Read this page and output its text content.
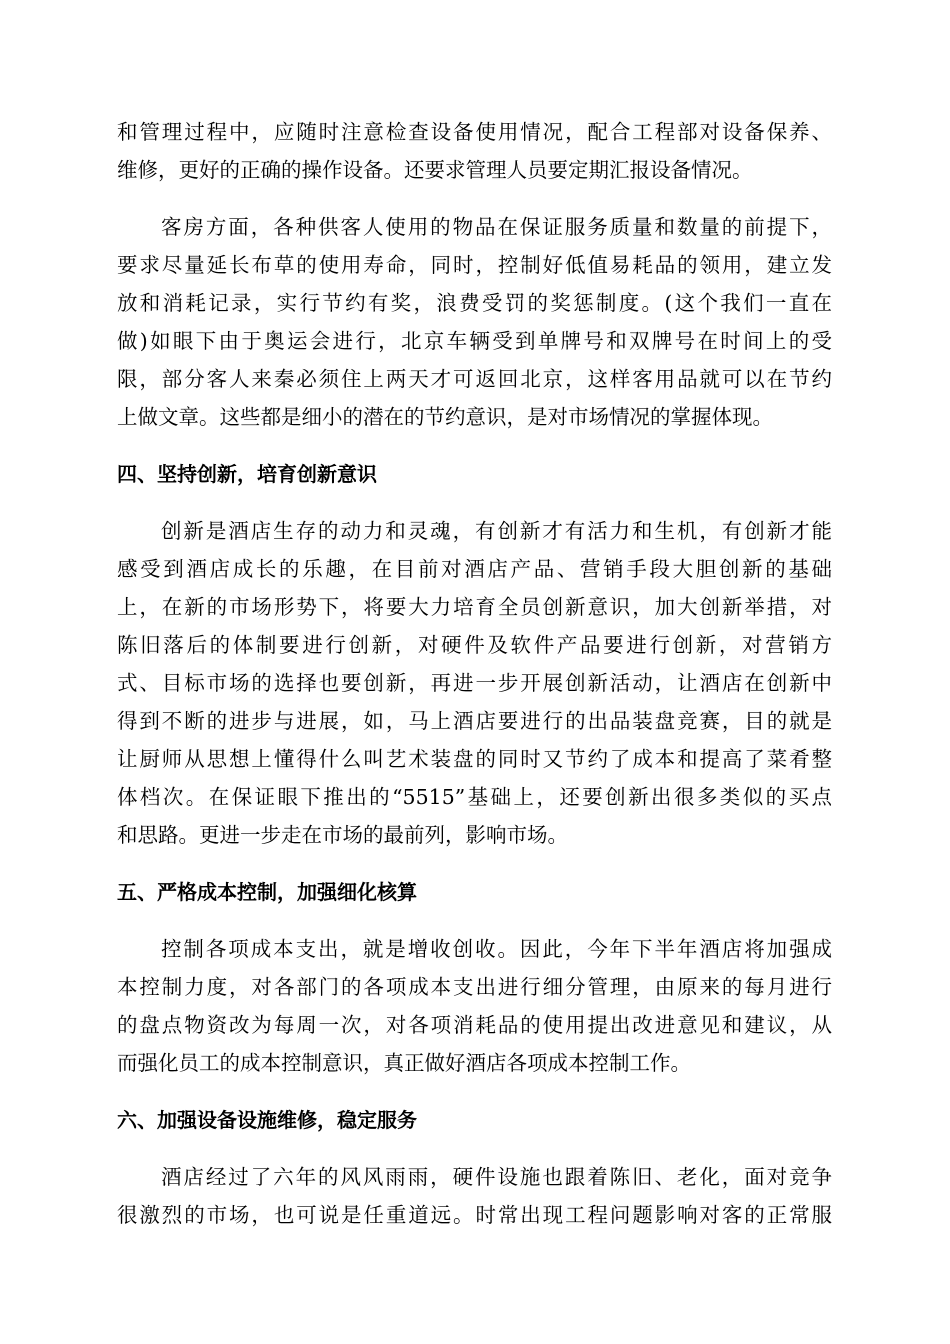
和管理过程中，应随时注意检查设备使用情况，配合工程部对设备保养、
维修，更好的正确的操作设备。还要求管理人员要定期汇报设备情况。
客房方面，各种供客人使用的物品在保证服务质量和数量的前提下，
要求尽量延长布草的使用寿命，同时，控制好低值易耗品的领用，建立发
放和消耗记录，实行节约有奖，浪费受罚的奖惩制度。(这个我们一直在
做)如眼下由于奥运会进行，北京车辆受到单牌号和双牌号在时间上的受
限，部分客人来秦必须住上两天才可返回北京，这样客用品就可以在节约
上做文章。这些都是细小的潜在的节约意识，是对市场情况的掌握体现。
四、坚持创新，培育创新意识
创新是酒店生存的动力和灵魂，有创新才有活力和生机，有创新才能
感受到酒店成长的乐趣，在目前对酒店产品、营销手段大胆创新的基础
上，在新的市场形势下，将要大力培育全员创新意识，加大创新举措，对
陈旧落后的体制要进行创新，对硬件及软件产品要进行创新，对营销方
式、目标市场的选择也要创新，再进一步开展创新活动，让酒店在创新中
得到不断的进步与进展，如，马上酒店要进行的出品装盘竞赛，目的就是
让厨师从思想上懂得什么叫艺术装盘的同时又节约了成本和提高了菜肴整
体档次。在保证眼下推出的“5515”基础上，还要创新出很多类似的买点
和思路。更进一步走在市场的最前列，影响市场。
五、严格成本控制，加强细化核算
控制各项成本支出，就是增收创收。因此，今年下半年酒店将加强成
本控制力度，对各部门的各项成本支出进行细分管理，由原来的每月进行
的盘点物资改为每周一次，对各项消耗品的使用提出改进意见和建议，从
而强化员工的成本控制意识，真正做好酒店各项成本控制工作。
六、加强设备设施维修，稳定服务
酒店经过了六年的风风雨雨，硬件设施也跟着陈旧、老化，面对竞争
很激烈的市场，也可说是任重道远。时常出现工程问题影响对客的正常服
